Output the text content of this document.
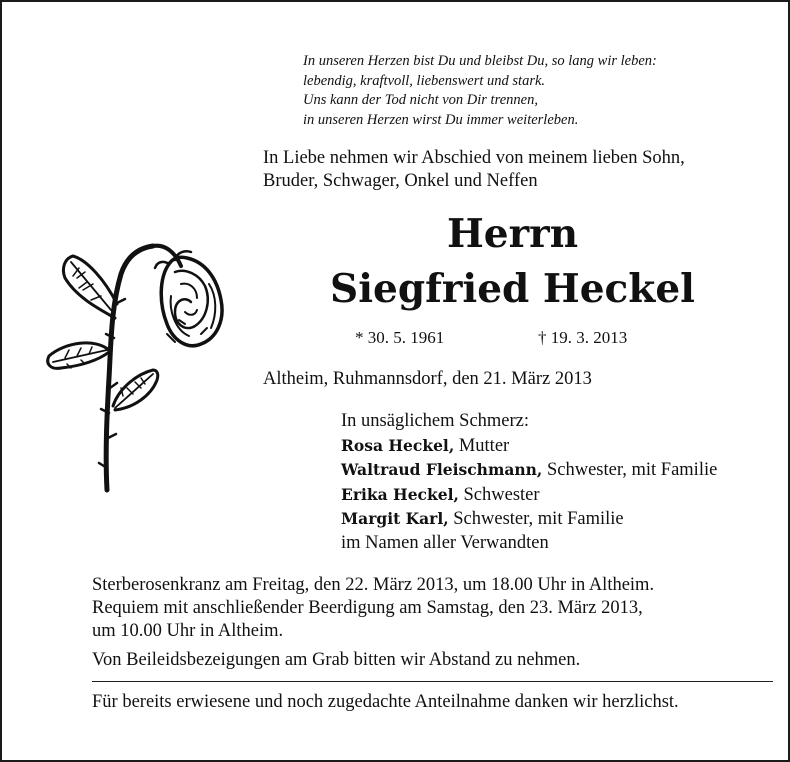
In unseren Herzen bist Du und bleibst Du, so lang wir leben:
lebendig, kraftvoll, liebenswert und stark.
Uns kann der Tod nicht von Dir trennen,
in unseren Herzen wirst Du immer weiterleben.
In Liebe nehmen wir Abschied von meinem lieben Sohn,
Bruder, Schwager, Onkel und Neffen
Herrn
Siegfried Heckel
* 30. 5. 1961	† 19. 3. 2013
Altheim, Ruhmannsdorf, den 21. März 2013
In unsäglichem Schmerz:
Rosa Heckel, Mutter
Waltraud Fleischmann, Schwester, mit Familie
Erika Heckel, Schwester
Margit Karl, Schwester, mit Familie
im Namen aller Verwandten
Sterberosenkranz am Freitag, den 22. März 2013, um 18.00 Uhr in Altheim.
Requiem mit anschließender Beerdigung am Samstag, den 23. März 2013,
um 10.00 Uhr in Altheim.
Von Beileidsbezeigungen am Grab bitten wir Abstand zu nehmen.
Für bereits erwiesene und noch zugedachte Anteilnahme danken wir herzlichst.
